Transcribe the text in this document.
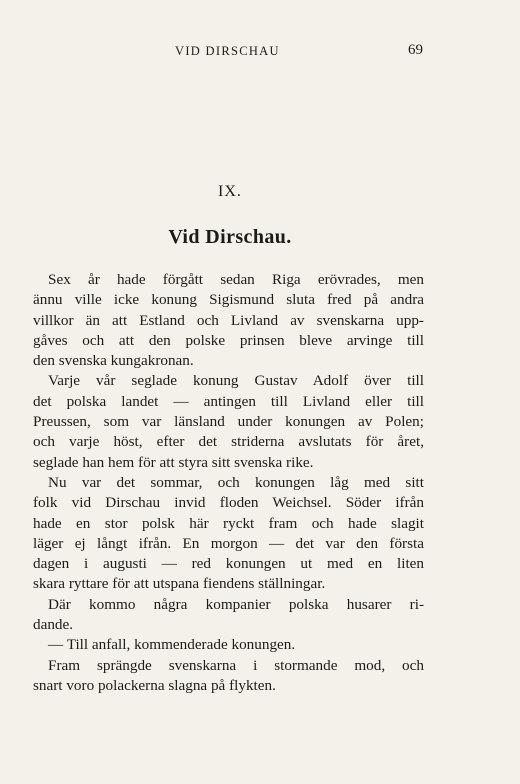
VID DIRSCHAU	69
IX.
Vid Dirschau.

Sex år hade förgått sedan Riga erövrades, men
ännu ville icke konung Sigismund sluta fred på andra
villkor än att Estland och Livland av svenskarna upp-
gåves och att den polske prinsen bleve arvinge till
den svenska kungakronan.

Varje vår seglade konung Gustav Adolf över till
det polska landet — antingen till Livland eller till
Preussen, som var länsland under konungen av Polen;
och varje höst, efter det striderna avslutats för året,
seglade han hem för att styra sitt svenska rike.

Nu var det sommar, och konungen låg med sitt
folk vid Dirschau invid floden Weichsel. Söder ifrån
hade en stor polsk här ryckt fram och hade slagit
läger ej långt ifrån. En morgon — det var den första
dagen i augusti — red konungen ut med en liten
skara ryttare för att utspana fiendens ställningar.

Där kommo några kompanier polska husarer ri-
dande.

— Till anfall, kommenderade konungen.

Fram sprängde svenskarna i stormande mod, och
snart voro polackerna slagna på flykten.
